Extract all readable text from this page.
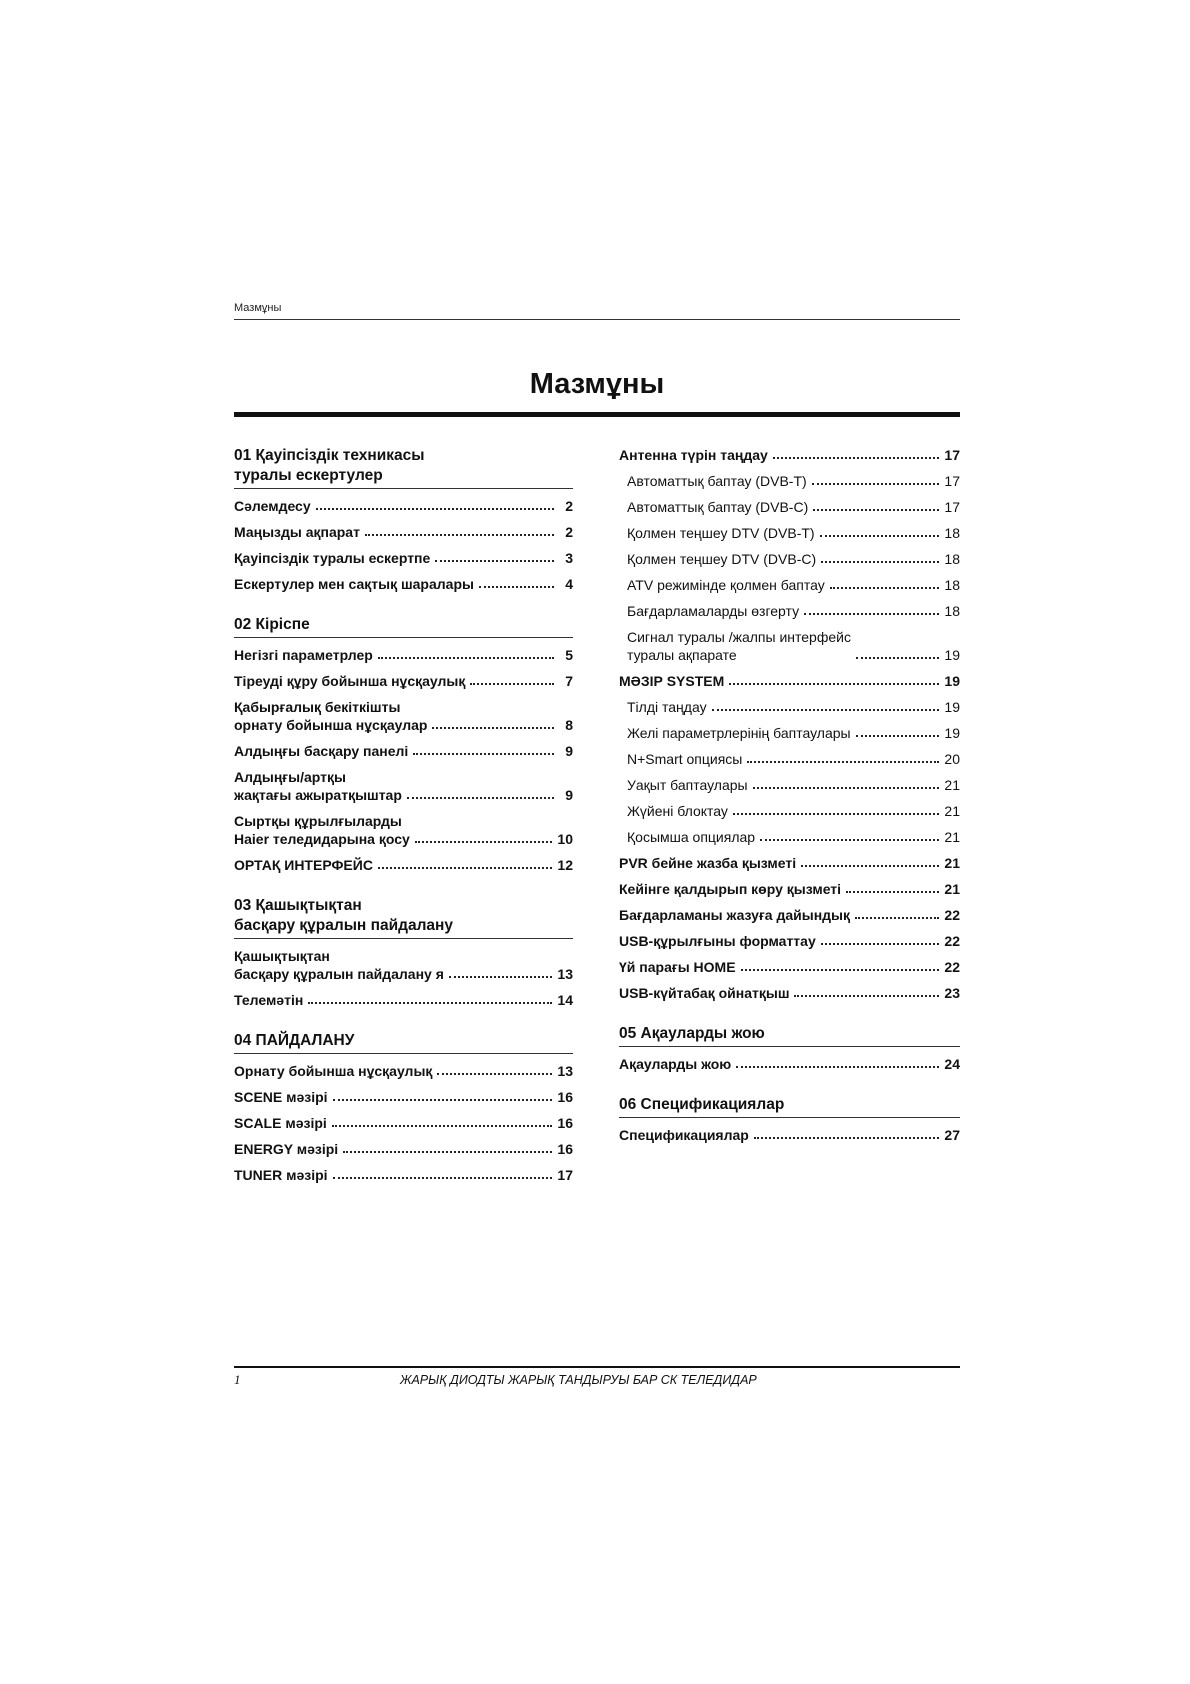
Мазмұны
Мазмұны
01 Қауіпсіздік техникасы
туралы ескертулер
Сәлемдесу	2
Маңызды ақпарат	2
Қауіпсіздік туралы ескертпе	3
Ескертулер мен сақтық шаралары	4
02 Кіріспе
Негізгі параметрлер	5
Тіреуді құру бойынша нұсқаулық	7
Қабырғалық бекіткішты
орнату бойынша нұсқаулар	8
Алдыңғы басқару панелі	9
Алдыңғы/артқы
жақтағы ажыратқыштар	9
Сыртқы құрылғыларды
Haier теледидарына қосу	10
ОРТАҚ ИНТЕРФЕЙС	12
03 Қашықтықтан
басқару құралын пайдалану
Қашықтықтан
басқару құралын пайдалану я	13
Телемәтін	14
04 ПАЙДАЛАНУ
Орнату бойынша нұсқаулық	13
SCENE мәзірі	16
SCALE мәзірі	16
ENERGY мәзірі	16
TUNER мәзірі	17
Антенна түрін таңдау	17
Автоматтық баптау (DVB-T)	17
Автоматтық баптау (DVB-C)	17
Қолмен теңшеу DTV (DVB-T)	18
Қолмен теңшеу DTV (DVB-C)	18
ATV режимінде қолмен баптау	18
Бағдарламаларды өзгерту	18
Сигнал туралы /жалпы интерфейс
туралы ақпарате	19
МӘЗІР SYSTEM	19
Тілді таңдау	19
Желі параметрлерінің баптаулары	19
N+Smart опциясы	20
Уақыт баптаулары	21
Жүйені блоктау	21
Қосымша опциялар	21
PVR бейне жазба қызметі	21
Кейінге қалдырып көру қызметі	21
Бағдарламаны жазуға дайындық	22
USB-құрылғыны форматтау	22
Үй парағы HOME	22
USB-күйтабақ ойнатқыш	23
05 Ақауларды жою
Ақауларды жою	24
06 Спецификациялар
Спецификациялар	27
1	ЖАРЫҚ ДИОДТЫ ЖАРЫҚ ТАНДЫРУЫ БАР СК ТЕЛЕДИДАР
